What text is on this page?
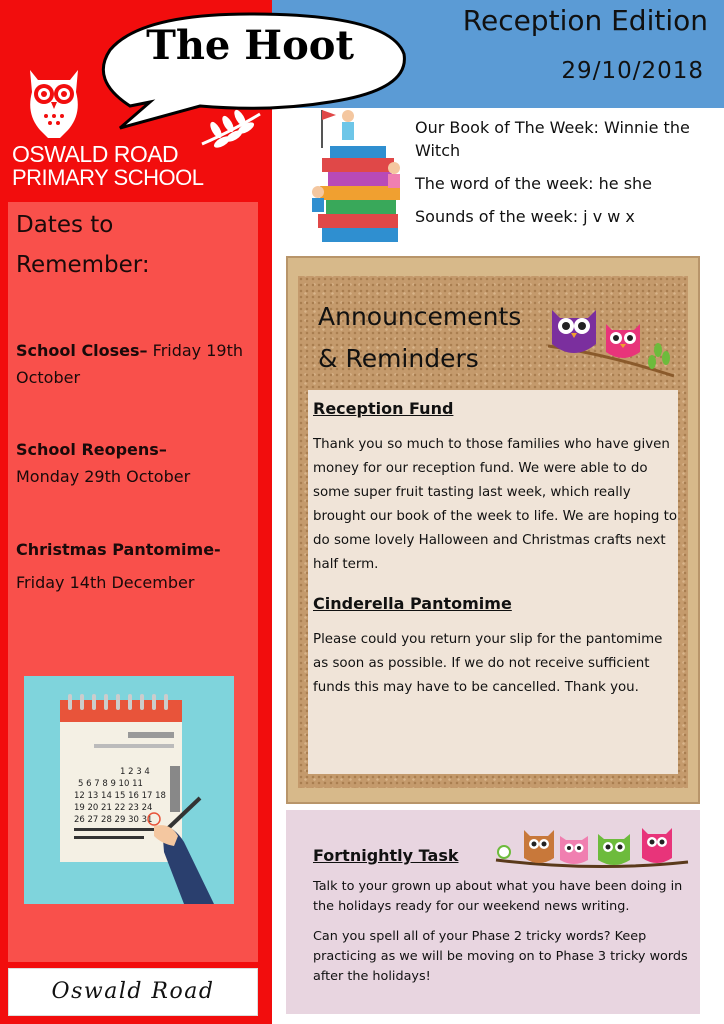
OSWALD ROAD
PRIMARY SCHOOL
Dates to
Remember:
School Closes– Friday 19th October
School Reopens–
Monday 29th October
Christmas Pantomime-
Friday 14th December
1 2 3 4
5 6 7 8 9 10 11
12 13 14 15 16 17 18
19 20 21 22 23 24
26 27 28 29 30 31
Oswald Road
Reception Edition
29/10/2018
The Hoot
Our Book of The Week: Winnie the Witch
The word of the week: he she
Sounds of the week: j v w x
Announcements
& Reminders
Reception Fund
Thank you so much to those families who have given money for our reception fund. We were able to do some super fruit tasting last week, which really brought our book of the week to life. We are hoping to do some lovely Halloween and Christmas crafts next half term.
Cinderella Pantomime
Please could you return your slip for the pantomime as soon as possible. If we do not receive sufficient funds this may have to be cancelled. Thank you.
Fortnightly Task
Talk to your grown up about what you have been doing in the holidays ready for our weekend news writing.
Can you spell all of your Phase 2 tricky words? Keep practicing as we will be moving on to Phase 3 tricky words after the holidays!
